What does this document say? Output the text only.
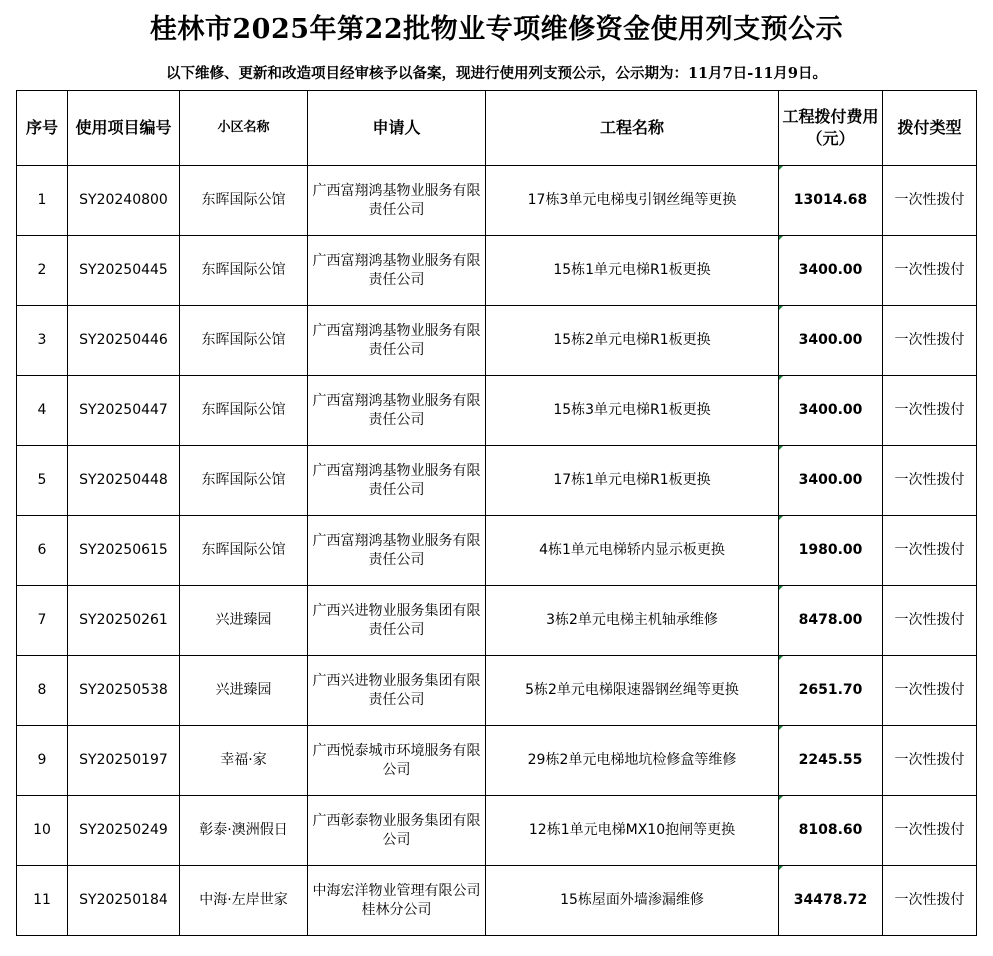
桂林市2025年第22批物业专项维修资金使用列支预公示
以下维修、更新和改造项目经审核予以备案，现进行使用列支预公示，公示期为：11月7日-11月9日。
序号	使用项目编号	小区名称	申请人	工程名称	工程拨付费用（元）	拨付类型
1	SY20240800	东晖国际公馆	广西富翔鸿基物业服务有限责任公司	17栋3单元电梯曳引钢丝绳等更换	13014.68	一次性拨付
2	SY20250445	东晖国际公馆	广西富翔鸿基物业服务有限责任公司	15栋1单元电梯R1板更换	3400.00	一次性拨付
3	SY20250446	东晖国际公馆	广西富翔鸿基物业服务有限责任公司	15栋2单元电梯R1板更换	3400.00	一次性拨付
4	SY20250447	东晖国际公馆	广西富翔鸿基物业服务有限责任公司	15栋3单元电梯R1板更换	3400.00	一次性拨付
5	SY20250448	东晖国际公馆	广西富翔鸿基物业服务有限责任公司	17栋1单元电梯R1板更换	3400.00	一次性拨付
6	SY20250615	东晖国际公馆	广西富翔鸿基物业服务有限责任公司	4栋1单元电梯轿内显示板更换	1980.00	一次性拨付
7	SY20250261	兴进臻园	广西兴进物业服务集团有限责任公司	3栋2单元电梯主机轴承维修	8478.00	一次性拨付
8	SY20250538	兴进臻园	广西兴进物业服务集团有限责任公司	5栋2单元电梯限速器钢丝绳等更换	2651.70	一次性拨付
9	SY20250197	幸福·家	广西悦泰城市环境服务有限公司	29栋2单元电梯地坑检修盒等维修	2245.55	一次性拨付
10	SY20250249	彰泰·澳洲假日	广西彰泰物业服务集团有限公司	12栋1单元电梯MX10抱闸等更换	8108.60	一次性拨付
11	SY20250184	中海·左岸世家	中海宏洋物业管理有限公司桂林分公司	15栋屋面外墙渗漏维修	34478.72	一次性拨付
